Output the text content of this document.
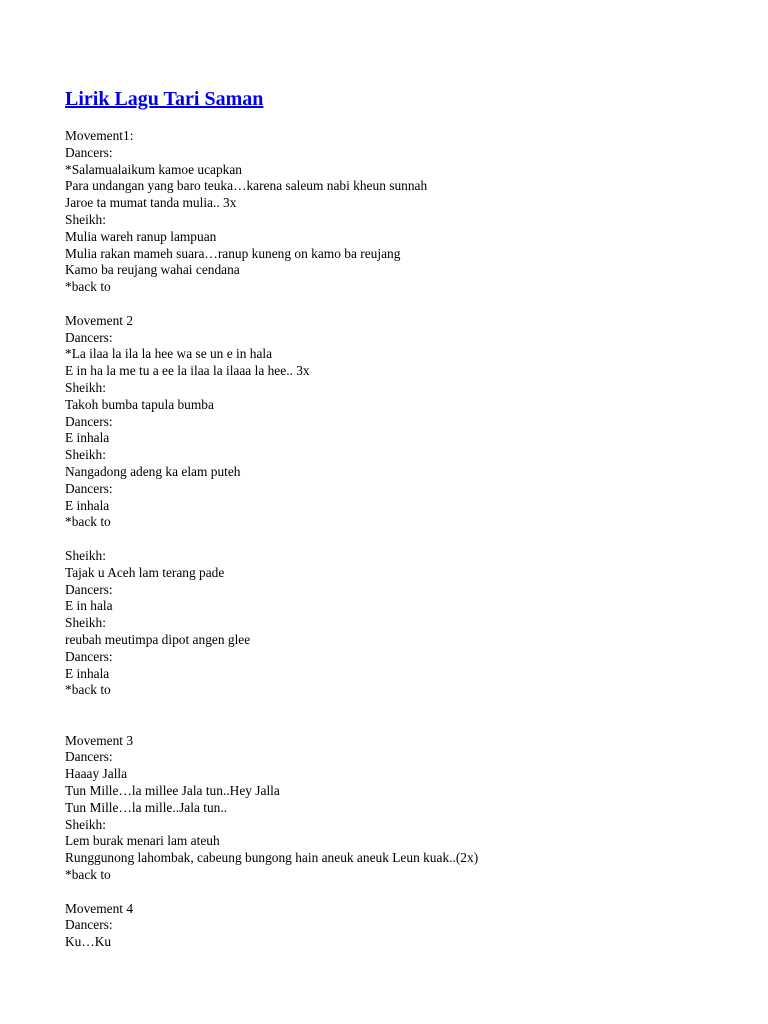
Lirik Lagu Tari Saman
Movement1:
Dancers:
*Salamualaikum kamoe ucapkan
Para undangan yang baro teuka…karena saleum nabi kheun sunnah
Jaroe ta mumat tanda mulia.. 3x
Sheikh:
Mulia wareh ranup lampuan
Mulia rakan mameh suara…ranup kuneng on kamo ba reujang
Kamo ba reujang wahai cendana
*back to
Movement 2
Dancers:
*La ilaa la ila la hee wa se un e in hala
E in ha la me tu a ee la ilaa la ilaaa la hee.. 3x
Sheikh:
Takoh bumba tapula bumba
Dancers:
E inhala
Sheikh:
Nangadong adeng ka elam puteh
Dancers:
E inhala
*back to
Sheikh:
Tajak u Aceh lam terang pade
Dancers:
E in hala
Sheikh:
reubah meutimpa dipot angen glee
Dancers:
E inhala
*back to
Movement 3
Dancers:
Haaay Jalla
Tun Mille…la millee Jala tun..Hey Jalla
Tun Mille…la mille..Jala tun..
Sheikh:
Lem burak menari lam ateuh
Runggunong lahombak, cabeung bungong hain aneuk aneuk Leun kuak..(2x)
*back to
Movement 4
Dancers:
Ku…Ku
